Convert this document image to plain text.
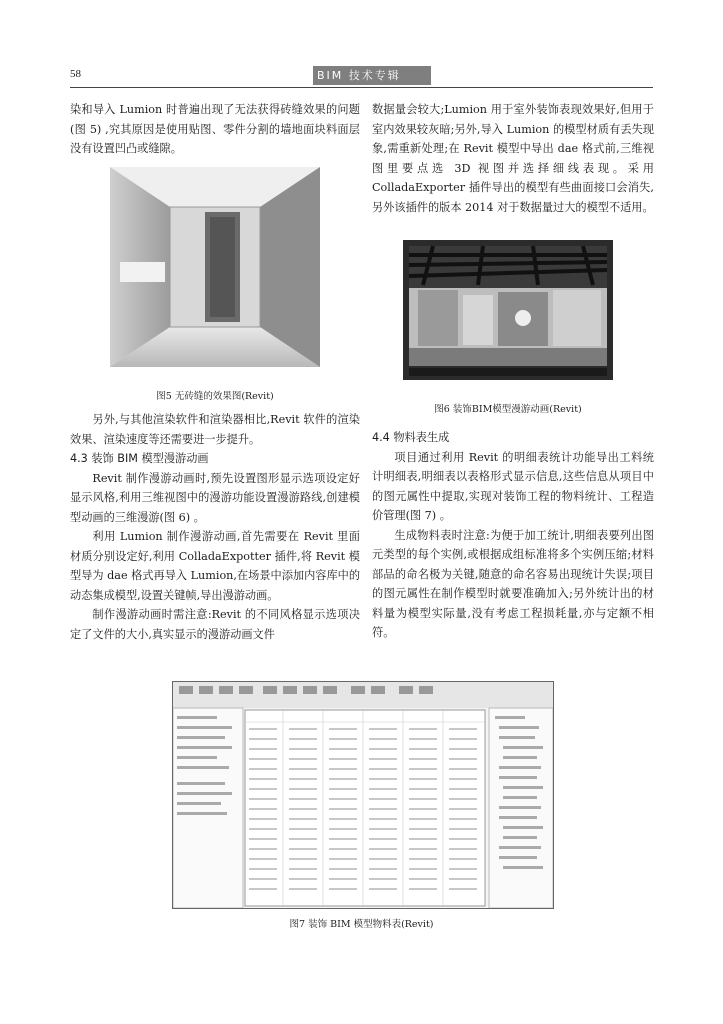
58	BIM 技术专辑

染和导入 Lumion 时普遍出现了无法获得砖缝效果的问题(图 5) ,究其原因是使用贴图、零件分割的墙地面块料面层没有设置凹凸或缝隙。

图5 无砖缝的效果图(Revit)

另外,与其他渲染软件和渲染器相比,Revit 软件的渲染效果、渲染速度等还需要进一步提升。

4.3 装饰 BIM 模型漫游动画

Revit 制作漫游动画时,预先设置图形显示选项设定好显示风格,利用三维视图中的漫游功能设置漫游路线,创建模型动画的三维漫游(图 6) 。

利用 Lumion 制作漫游动画,首先需要在 Revit 里面材质分别设定好,利用 ColladaExpotter 插件,将 Revit 模型导为 dae 格式再导入 Lumion,在场景中添加内容库中的动态集成模型,设置关键帧,导出漫游动画。

制作漫游动画时需注意:Revit 的不同风格显示选项决定了文件的大小,真实显示的漫游动画文件

数据量会较大;Lumion 用于室外装饰表现效果好,但用于室内效果较灰暗;另外,导入 Lumion 的模型材质有丢失现象,需重新处理;在 Revit 模型中导出 dae 格式前,三维视图里要点选 3D 视图并选择细线表现。采用 ColladaExporter 插件导出的模型有些曲面接口会消失,另外该插件的版本 2014 对于数据量过大的模型不适用。

图6 装饰BIM模型漫游动画(Revit)

4.4 物料表生成

项目通过利用 Revit 的明细表统计功能导出工料统计明细表,明细表以表格形式显示信息,这些信息从项目中的图元属性中提取,实现对装饰工程的物料统计、工程造价管理(图 7) 。

生成物料表时注意:为便于加工统计,明细表要列出图元类型的每个实例,或根据成组标准将多个实例压缩;材料部品的命名极为关键,随意的命名容易出现统计失误;项目的图元属性在制作模型时就要准确加入;另外统计出的材料量为模型实际量,没有考虑工程损耗量,亦与定额不相符。

图7 装饰 BIM 模型物料表(Revit)
